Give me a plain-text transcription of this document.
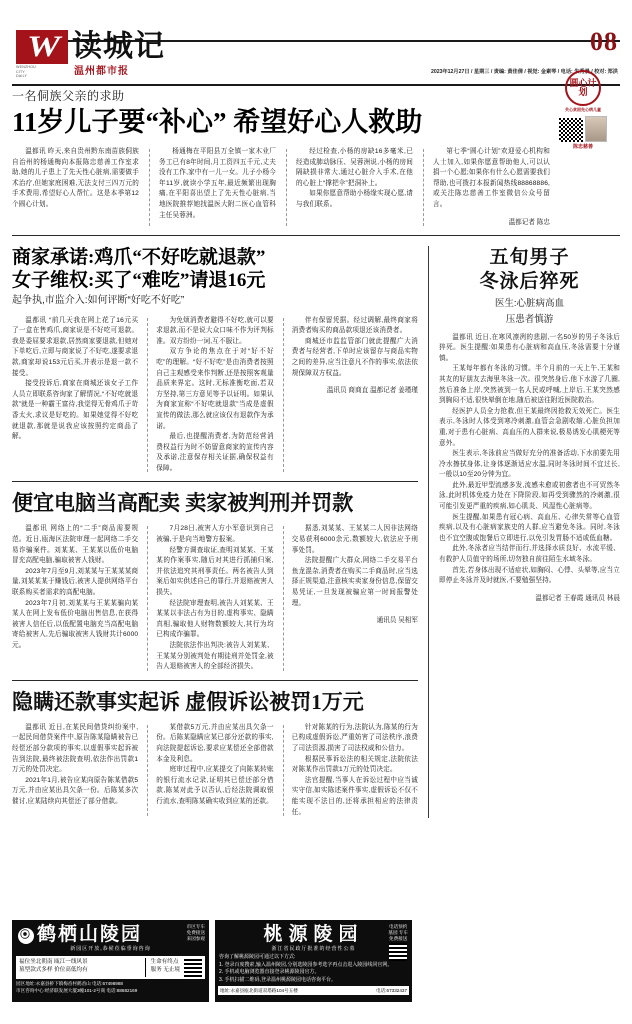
W
WENZHOU
CITY
DAILY
读城记
温州都市报
08
2023年12月27日 / 星期三 / 责编: 黄佳倩 / 视觉: 金素琴 / 电话: 朱秀晨 / 校对: 郑洪
圆心计划
关心贫困先心病儿童
陈忠慈善
一名侗族父亲的求助
11岁儿子要“补心” 希望好心人救助

温都讯 昨天,来自贵州黔东南苗族侗族自治州的杨通梅向本报陈忠慈善工作室求助,她的儿子患上了先天性心脏病,需要做手术治疗,但她家庭困难,无法支付三四万元的手术费用,希望好心人帮忙。这是本季第12个圆心计划。

杨通梅在平阳县万全镇一家木业厂务工已有8年时间,月工资四五千元,丈夫没有工作,家中有一儿一女。儿子小杨今年11岁,就读小学五年,最近频繁出现胸痛,在平阳喜出望上了先天性心脏病,当地医院推荐她找温医大附二医心血管科主任吴蓉洲。

经过检查,小杨的房缺16多毫米,已经造成肺动脉压、吴蓉洲说,小杨的房间隔缺损非常大,通过心脏介入手术,在他的心脏上“撑把伞”把洞补上。

如果你愿意帮助小杨缘实现心愿,请与我们联系。

第七季“圆心计划”欢迎爱心机构和人士加入,如果你愿意帮助他人,可以认捐一个心愿;如果你有什么心愿需要我们帮助,也可拨打本报新闻热线88868886,或关注陈忠慈善工作室微信公众号留言。

温都记者 陈忠
商家承诺:鸡爪“不好吃就退款”
女子维权:买了“难吃”请退16元
起争执,市监介入:如何评断“好吃不好吃”

温都讯 “前几天我在网上花了16元买了一盒在售鸡爪,商家说是不好吃可退款。我是委屈要求退款,居然商家要退款,但她对下单吃后,立即与商家说了不好吃,遂要求退款,商家却说153元后买,并表示是退一款不接受。

接受投诉后,商家在商城还该女子工作人员立即联系咨询家了解情况,“不好吃就退款”就是一种霸王富待,我觉得无骨鸡爪于苛香太火,求议是好吃的。如果她觉得不好吃就退款,那就是说我应该按照约定商品了解。

为免烦消费者避得不好吃,就可以要求退款,而不是说大众口味不作为评判标准。双方纷纷一词,互不服让。

双方争论的焦点在于对“好不好吃”的理解。“好不好吃”是由消费者按照自己主观感受来作判断,还是按照客观量品质来界定。这时,无标准衡吃面,若双方坚持,第三方意见等予以证明。如果认为商家宣称“不好吃就退款”当成是虚假宣传的做法,那么就应该仅有退款作为承诺。

最后,也提醒消费者,为防范经营消费权益行为时不妨留意商家的宣传内容及承诺,注意保存相关证据,确保权益有保障。

伴有保留凭据。经过调解,最终商家将消费者购买的商品款项退还该消费者。

商城还市监监管部门就此提醒广大消费者与经营者,下单时应该留存与商品实物之间的差异,应当注意凡不作的事实,依法依规保障双方权益。

温讯员 商商直 温都记者 姜瑾瑾
便宜电脑当高配卖 卖家被判刑并罚款

温都讯 网络上的“二手”商品需要规范。近日,瓯海区法院审理一起网络二手交易诈骗案件。刘某某、王某某以低价电脑冒充高配电脑,骗取被害人钱财。

2023年7月至9月,刘某某与王某某某商量,刘某某某于赚钱后,被害人提供网络平台联系购买者需求的高配电脑。

2023年7月初,刘某某与王某某骗向某某人在网上发布低价电脑出售信息,在获得被害人信任后,以低配置电脑充当高配电脑寄给被害人,先后骗取被害人钱财共计6000元。

7月28日,被害人方小军意识到自己被骗,于是向当地警方报案。

经警方调查取证,查明刘某某、王某某的作案事实,随后对其进行抓捕归案,并依法追究其刑事责任。两名被告人到案后如实供述自己的罪行,并退赔被害人损失。

经法院审理查明,被告人刘某某、王某某以非法占有为目的,虚构事实、隐瞒真相,骗取他人财物数额较大,其行为均已构成诈骗罪。

法院依法作出判决:被告人刘某某、王某某分别被判处有期徒刑并处罚金,被告人退赔被害人的全部经济损失。

据悉,刘某某、王某某二人因非法网络交易获利6000余元,数额较大,依法应予刑事处罚。

法院提醒广大群众,网络二手交易平台鱼龙混杂,消费者在购买二手商品时,应当选择正规渠道,注意核实卖家身份信息,保留交易凭证,一旦发现被骗应第一时间报警处理。

通讯员 吴相军
隐瞒还款事实起诉 虚假诉讼被罚1万元

温都讯 近日,在某民间借贷纠纷案中,一起民间借贷案件中,原告陈某隐瞒被告已经偿还部分款项的事实,以虚假事实起诉被告到法院,最终被法院查明,依法作出罚款1万元的处罚决定。

2021年1月,被告应某向原告陈某借款5万元,并由应某出具欠条一份。后陈某多次催讨,应某陆续向其偿还了部分借款。

某借款5万元,并由应某出具欠条一份。后陈某隐瞒应某已部分还款的事实,向法院提起诉讼,要求应某偿还全部借款本金及利息。

庭审过程中,应某提交了向陈某转账的银行流水记录,证明其已偿还部分借款,陈某对此予以否认,后经法院调取银行流水,查明陈某确实收到应某的还款。

针对陈某的行为,法院认为,陈某的行为已构成虚假诉讼,严重妨害了司法秩序,浪费了司法资源,损害了司法权威和公信力。

根据民事诉讼法的相关规定,法院依法对陈某作出罚款1万元的处罚决定。

法官提醒,当事人在诉讼过程中应当诚实守信,如实陈述案件事实,虚假诉讼不仅不能实现不法目的,还将承担相应的法律责任。

五旬男子
冬泳后猝死
医生:心脏病高血
压患者慎游

温都讯 近日,在寒风凛冽的悲剧,一名50岁的男子冬泳后猝死。医生提醒:如果患有心脏病和高血压,冬泳需要十分谨慎。

王某每年都有冬泳的习惯。半个月前的一天上午,王某和其友的好朋友去海里冬泳一次。很突然身后,他下水游了几圈,然后准备上岸,突然被到一名人民或呼喊,上岸后,王某突然感到胸闷不适,很快晕倒在地,随后被送往附近医院救治。

经医护人员全力抢救,但王某最终因抢救无效死亡。医生表示,冬泳时人体受到寒冷刺激,血管会急剧收缩,心脏负担加重,对于患有心脏病、高血压的人群来说,极易诱发心肌梗死等意外。

医生表示,冬泳前应当做好充分的准备活动,下水前要先用冷水擦拭身体,让身体逐渐适应水温,同时冬泳时间不宜过长,一般以10至20分钟为宜。

此外,最近甲型流感多发,流感未愈或初愈者也不可贸然冬泳,此时机体免疫力处在下降阶段,如再受到骤然的冷刺激,很可能引发更严重的疾病,如心肌炎、风湿性心脏病等。

医生提醒,如果患有冠心病、高血压、心律失常等心血管疾病,以及有心脏病家族史的人群,应当避免冬泳。同时,冬泳也不宜空腹或饱餐后立即进行,以免引发胃肠不适或低血糖。

此外,冬泳者应当结伴而行,并选择水质良好、水流平缓、有救护人员值守的场所,切勿独自前往陌生水域冬泳。

首先,若身体出现不适症状,如胸闷、心悸、头晕等,应当立即停止冬泳并及时就医,不要勉强坚持。

温都记者 王春霞 通讯员 林晨
市区专车
免费接送
来园参观
⦿ 鹤栖山陵园
新园区开放,恭候莅临垂询咨询
福位坐北朝南 瓯江一线风景
墓型款式多样 价位高低均有
生命有终点
服务 无止境
园区地址:永嘉县桥下镇梅岙村鹤岙山 电话:67498988
市区咨询中心:经济联发展大厦3幢101-2号商 电话:88682169
电话预约
墓园 专车
免费接送
桃源陵园
浙江省民政厅批准的经营性公墓
咨询了解桃源陵园可通过以下方式:
1. 登录百度搜索,输入温州陵园,分别选陵园参考选字再点击进入陵园线同官网。
2. 手机或电脑浏览器直接登录桃源陵园官方。
3. 手机扫描二维码,登录温州桃源陵园电话咨询平台。
地址:永嘉县瓯北街道双塔路104号五楼	电话:67332437
